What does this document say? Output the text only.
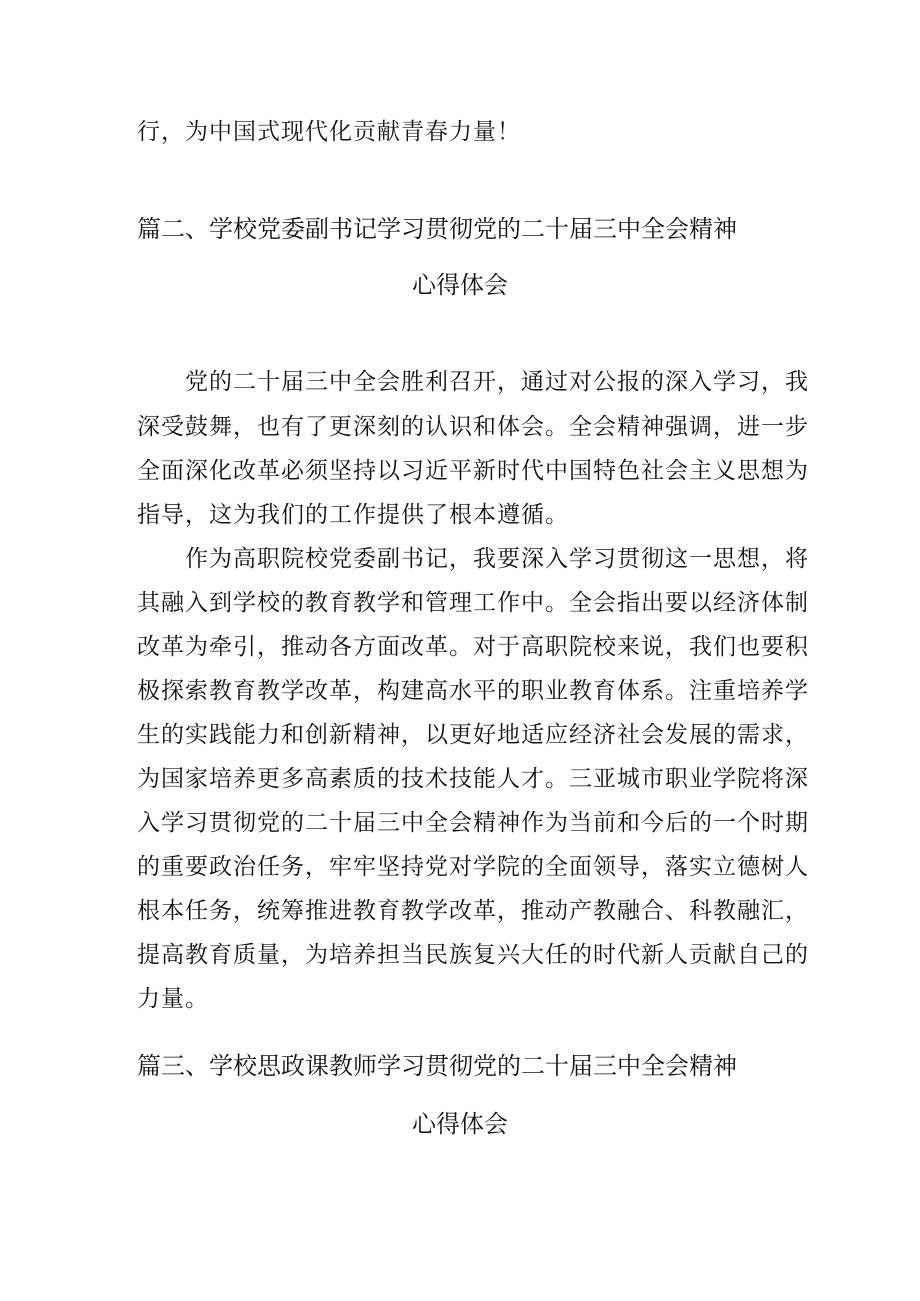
行，为中国式现代化贡献青春力量！
篇二、学校党委副书记学习贯彻党的二十届三中全会精神
心得体会
　　党的二十届三中全会胜利召开，通过对公报的深入学习，我
深受鼓舞，也有了更深刻的认识和体会。全会精神强调，进一步
全面深化改革必须坚持以习近平新时代中国特色社会主义思想为
指导，这为我们的工作提供了根本遵循。
　　作为高职院校党委副书记，我要深入学习贯彻这一思想，将
其融入到学校的教育教学和管理工作中。全会指出要以经济体制
改革为牵引，推动各方面改革。对于高职院校来说，我们也要积
极探索教育教学改革，构建高水平的职业教育体系。注重培养学
生的实践能力和创新精神，以更好地适应经济社会发展的需求，
为国家培养更多高素质的技术技能人才。三亚城市职业学院将深
入学习贯彻党的二十届三中全会精神作为当前和今后的一个时期
的重要政治任务，牢牢坚持党对学院的全面领导，落实立德树人
根本任务，统筹推进教育教学改革，推动产教融合、科教融汇，
提高教育质量，为培养担当民族复兴大任的时代新人贡献自己的
力量。
篇三、学校思政课教师学习贯彻党的二十届三中全会精神
心得体会
